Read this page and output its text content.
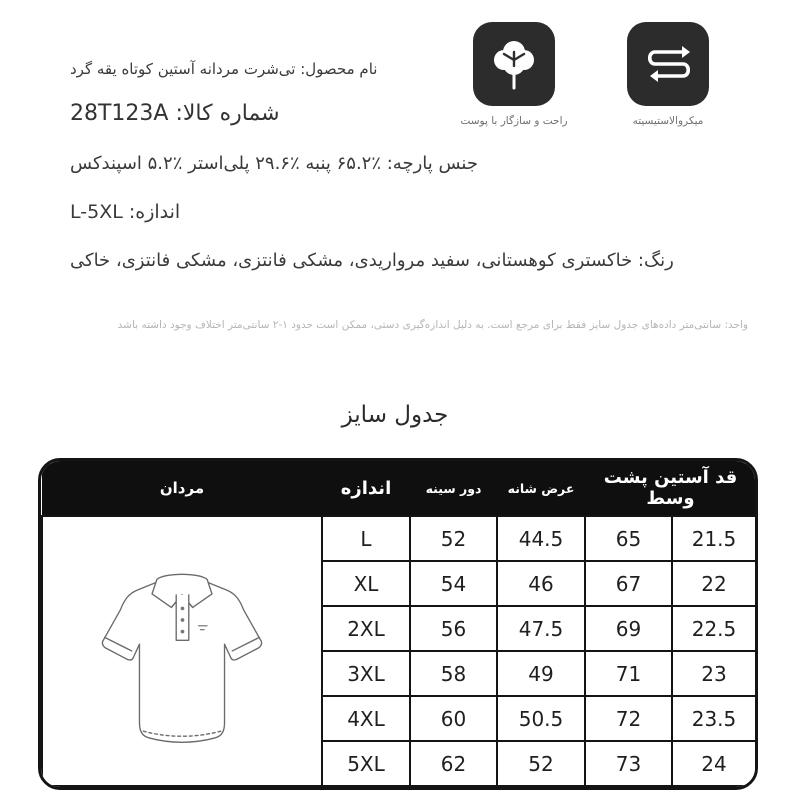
نام محصول: تی‌شرت مردانه آستین کوتاه یقه گرد
شماره کالا: 28T123A
جنس پارچه: ٪۶۵.۲ پنبه ٪۲۹.۶ پلی‌استر ٪۵.۲ اسپندکس
اندازه: L-5XL
رنگ: خاکستری کوهستانی، سفید مرواریدی، مشکی فانتزی، مشکی فانتزی، خاکی
واحد: سانتی‌متر داده‌های جدول سایز فقط برای مرجع است. به دلیل اندازه‌گیری دستی، ممکن است حدود ۱-۲ سانتی‌متر اختلاف وجود داشته باشد
راحت و سازگار با پوست	میکروالاستیسیته
جدول سایز
مردان	اندازه	دور سینه	عرض شانه	قد آستین پشت وسط	
	L	52	44.5	65	21.5
	XL	54	46	67	22
	2XL	56	47.5	69	22.5
	3XL	58	49	71	23
	4XL	60	50.5	72	23.5
	5XL	62	52	73	24
